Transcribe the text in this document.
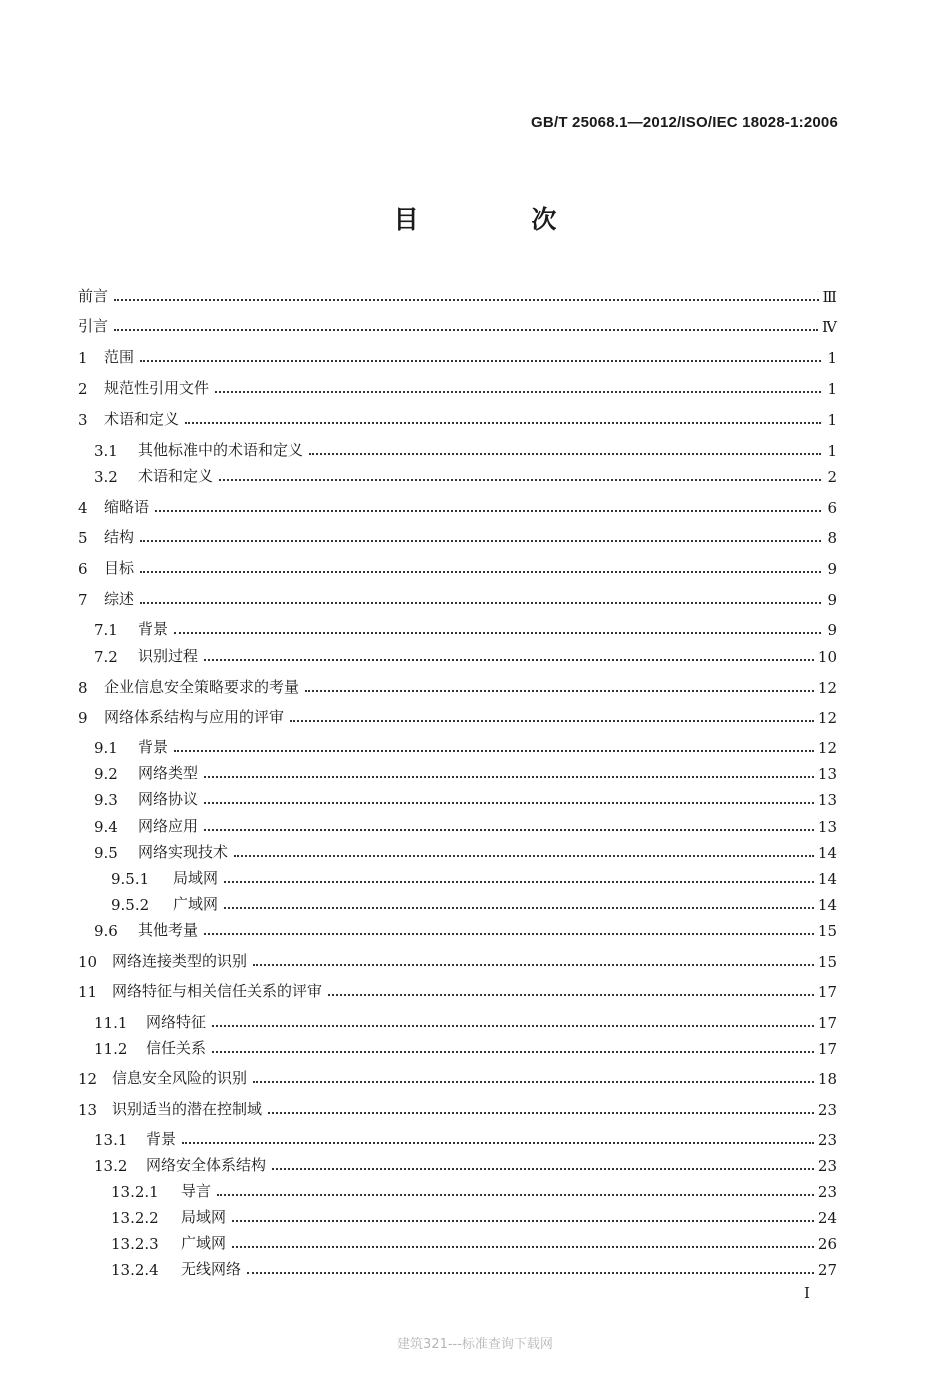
GB/T 25068.1—2012/ISO/IEC 18028-1:2006
目 次
前言	Ⅲ
引言	Ⅳ
1	范围	1
2	规范性引用文件	1
3	术语和定义	1
3.1	其他标准中的术语和定义	1
3.2	术语和定义	2
4	缩略语	6
5	结构	8
6	目标	9
7	综述	9
7.1	背景	9
7.2	识别过程	10
8	企业信息安全策略要求的考量	12
9	网络体系结构与应用的评审	12
9.1	背景	12
9.2	网络类型	13
9.3	网络协议	13
9.4	网络应用	13
9.5	网络实现技术	14
9.5.1	局域网	14
9.5.2	广域网	14
9.6	其他考量	15
10 网络连接类型的识别	15
11 网络特征与相关信任关系的评审	17
11.1	网络特征	17
11.2	信任关系	17
12 信息安全风险的识别	18
13 识别适当的潜在控制域	23
13.1	背景	23
13.2	网络安全体系结构	23
13.2.1	导言	23
13.2.2	局域网	24
13.2.3	广域网	26
13.2.4	无线网络	27
I
建筑321---标准查询下载网
